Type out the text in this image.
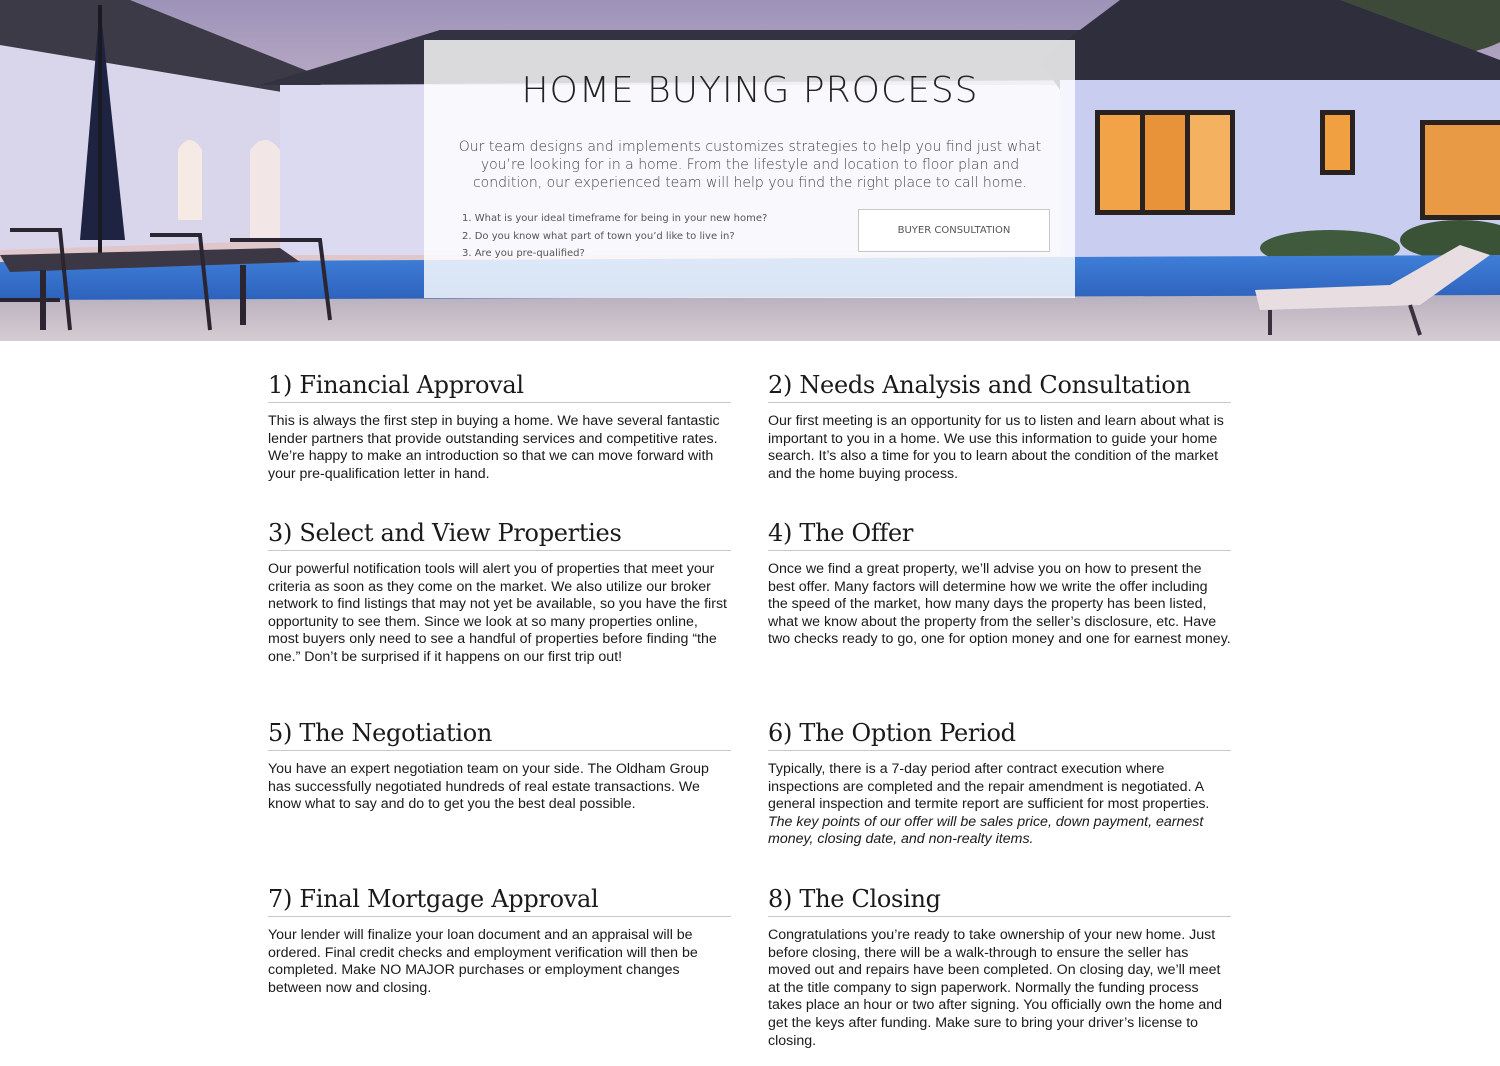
HOME BUYING PROCESS

Our team designs and implements customizes strategies to help you find just what you’re looking for in a home. From the lifestyle and location to floor plan and condition, our experienced team will help you find the right place to call home.

1. What is your ideal timeframe for being in your new home?
2. Do you know what part of town you’d like to live in?
3. Are you pre-qualified?
BUYER CONSULTATION
1) Financial Approval

This is always the first step in buying a home. We have several fantastic lender partners that provide outstanding services and competitive rates. We’re happy to make an introduction so that we can move forward with your pre-qualification letter in hand.

2) Needs Analysis and Consultation

Our first meeting is an opportunity for us to listen and learn about what is important to you in a home. We use this information to guide your home search. It’s also a time for you to learn about the condition of the market and the home buying process.

3) Select and View Properties

Our powerful notification tools will alert you of properties that meet your criteria as soon as they come on the market. We also utilize our broker network to find listings that may not yet be available, so you have the first opportunity to see them. Since we look at so many properties online, most buyers only need to see a handful of properties before finding “the one.” Don’t be surprised if it happens on our first trip out!

4) The Offer

Once we find a great property, we’ll advise you on how to present the best offer. Many factors will determine how we write the offer including the speed of the market, how many days the property has been listed, what we know about the property from the seller’s disclosure, etc. Have two checks ready to go, one for option money and one for earnest money.

5) The Negotiation

You have an expert negotiation team on your side. The Oldham Group has successfully negotiated hundreds of real estate transactions. We know what to say and do to get you the best deal possible.

6) The Option Period

Typically, there is a 7-day period after contract execution where inspections are completed and the repair amendment is negotiated. A general inspection and termite report are sufficient for most properties. The key points of our offer will be sales price, down payment, earnest money, closing date, and non-realty items.

7) Final Mortgage Approval

Your lender will finalize your loan document and an appraisal will be ordered. Final credit checks and employment verification will then be completed. Make NO MAJOR purchases or employment changes between now and closing.

8) The Closing

Congratulations you’re ready to take ownership of your new home. Just before closing, there will be a walk-through to ensure the seller has moved out and repairs have been completed. On closing day, we’ll meet at the title company to sign paperwork. Normally the funding process takes place an hour or two after signing. You officially own the home and get the keys after funding. Make sure to bring your driver’s license to closing.
